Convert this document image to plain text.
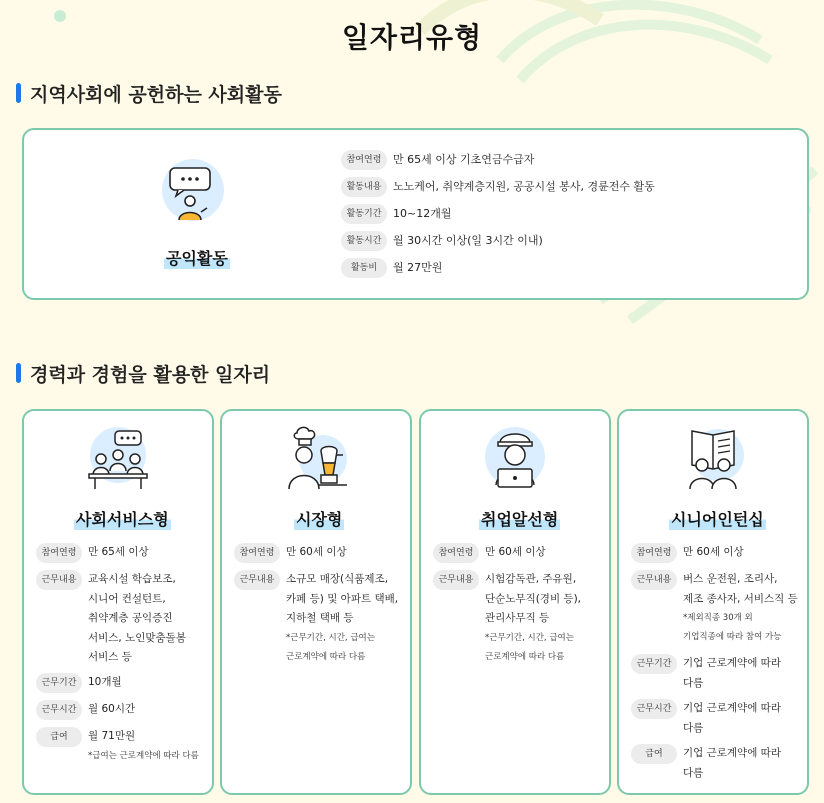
일자리유형
지역사회에 공헌하는 사회활동
공익활동
참여연령	만 65세 이상 기초연금수급자
활동내용	노노케어, 취약계층지원, 공공시설 봉사, 경륜전수 활동
활동기간	10~12개월
활동시간	월 30시간 이상(일 3시간 이내)
활동비	월 27만원
경력과 경험을 활용한 일자리
사회서비스형
참여연령	만 65세 이상
근무내용	교육시설 학습보조,
시니어 컨설턴트,
취약계층 공익증진
서비스, 노인맞춤돌봄
서비스 등
근무기간	10개월
근무시간	월 60시간
급여	월 71만원
*급여는 근로계약에 따라 다름
시장형
참여연령	만 60세 이상
근무내용	소규모 매장(식품제조,
카페 등) 및 아파트 택배,
지하철 택배 등
*근무기간, 시간, 급여는
근로계약에 따라 다름
취업알선형
참여연령	만 60세 이상
근무내용	시험감독관, 주유원,
단순노무직(경비 등),
관리사무직 등
*근무기간, 시간, 급여는
근로계약에 따라 다름
시니어인턴십
참여연령	만 60세 이상
근무내용	버스 운전원, 조리사,
제조 종사자, 서비스직 등
*제외직종 30개 외
기업직종에 따라 참여 가능
근무기간	기업 근로계약에 따라
다름
근무시간	기업 근로계약에 따라
다름
급여	기업 근로계약에 따라
다름
